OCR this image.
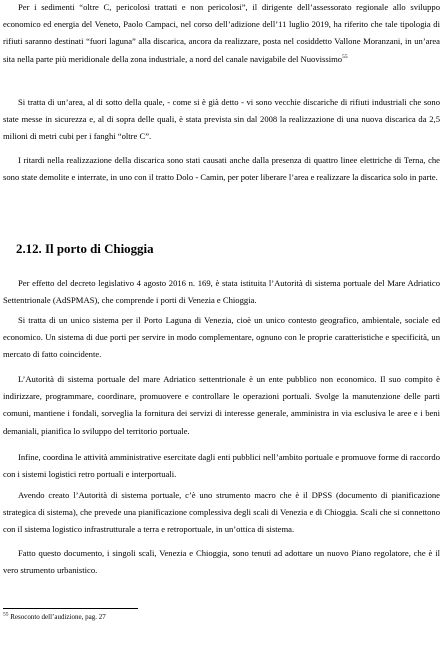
Per i sedimenti “oltre C, pericolosi trattati e non pericolosi”, il dirigente dell’assessorato regionale allo sviluppo economico ed energia del Veneto, Paolo Campaci, nel corso dell’adizione dell’11 luglio 2019, ha riferito che tale tipologia di rifiuti saranno destinati “fuori laguna” alla discarica, ancora da realizzare, posta nel cosiddetto Vallone Moranzani, in un’area sita nella parte più meridionale della zona industriale, a nord del canale navigabile del Nuovissimo$^{55}$

Si tratta di un’area, al di sotto della quale, - come si è già detto - vi sono vecchie discariche di rifiuti industriali che sono state messe in sicurezza e, al di sopra delle quali, è stata prevista sin dal 2008 la realizzazione di una nuova discarica da 2,5 milioni di metri cubi per i fanghi “oltre C”.

I ritardi nella realizzazione della discarica sono stati causati anche dalla presenza di quattro linee elettriche di Terna, che sono state demolite e interrate, in uno con il tratto Dolo - Camin, per poter liberare l’area e realizzare la discarica solo in parte.

2.12. Il porto di Chioggia

Per effetto del decreto legislativo 4 agosto 2016 n. 169, è stata istituita l’Autorità di sistema portuale del Mare Adriatico Settentrionale (AdSPMAS), che comprende i porti di Venezia e Chioggia.

Si tratta di un unico sistema per il Porto Laguna di Venezia, cioè un unico contesto geografico, ambientale, sociale ed economico. Un sistema di due porti per servire in modo complementare, ognuno con le proprie caratteristiche e specificità, un mercato di fatto coincidente.

L’Autorità di sistema portuale del mare Adriatico settentrionale è un ente pubblico non economico. Il suo compito è indirizzare, programmare, coordinare, promuovere e controllare le operazioni portuali. Svolge la manutenzione delle parti comuni, mantiene i fondali, sorveglia la fornitura dei servizi di interesse generale, amministra in via esclusiva le aree e i beni demaniali, pianifica lo sviluppo del territorio portuale.

Infine, coordina le attività amministrative esercitate dagli enti pubblici nell’ambito portuale e promuove forme di raccordo con i sistemi logistici retro portuali e interportuali.

Avendo creato l’Autorità di sistema portuale, c’è uno strumento macro che è il DPSS (documento di pianificazione strategica di sistema), che prevede una pianificazione complessiva degli scali di Venezia e di Chioggia. Scali che si connettono con il sistema logistico infrastrutturale a terra e retroportuale, in un’ottica di sistema.

Fatto questo documento, i singoli scali, Venezia e Chioggia, sono tenuti ad adottare un nuovo Piano regolatore, che è il vero strumento urbanistico.

$^{55}$ Resoconto dell’audizione, pag. 27
